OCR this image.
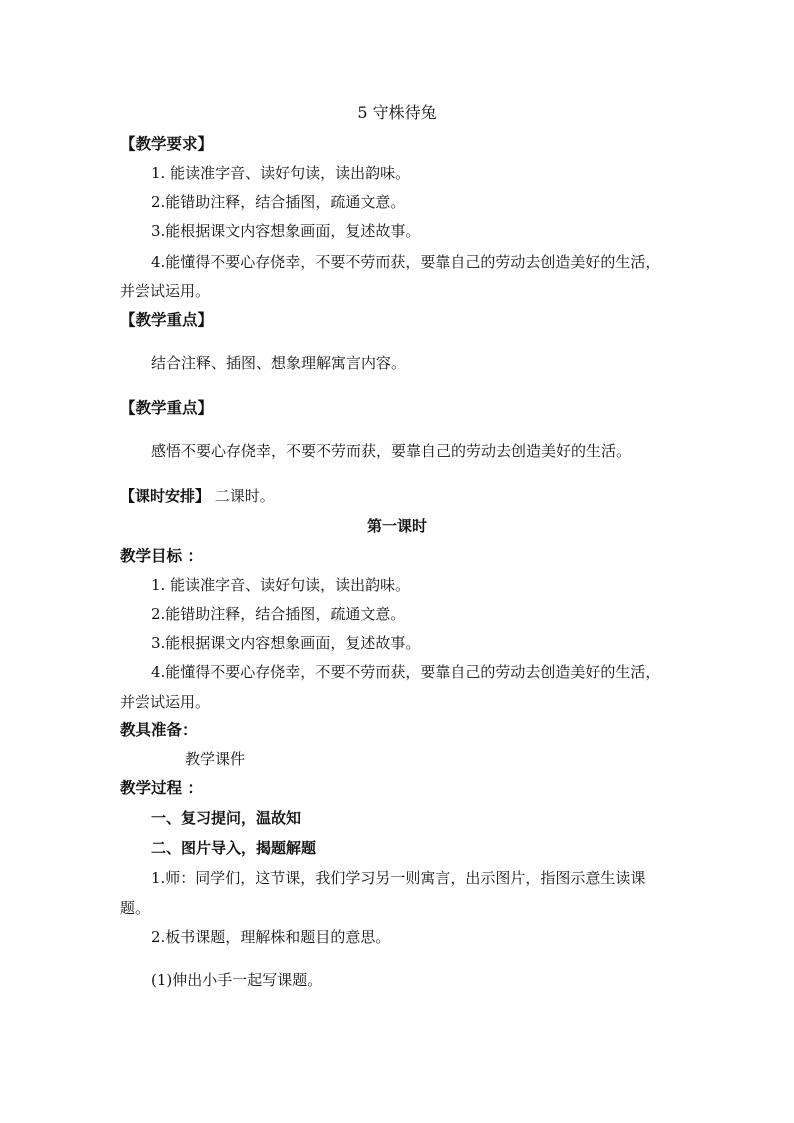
5 守株待兔
【教学要求】
1. 能读准字音、读好句读，读出韵味。
2.能错助注释，结合插图，疏通文意。
3.能根据课文内容想象画面，复述故事。
4.能懂得不要心存侥幸，不要不劳而获，要靠自己的劳动去创造美好的生活，
并尝试运用。
【教学重点】
结合注释、插图、想象理解寓言内容。
【教学重点】
感悟不要心存侥幸，不要不劳而获，要靠自己的劳动去创造美好的生活。
【课时安排】 二课时。
第一课时
教学目标 ：
1. 能读准字音、读好句读，读出韵味。
2.能错助注释，结合插图，疏通文意。
3.能根据课文内容想象画面，复述故事。
4.能懂得不要心存侥幸，不要不劳而获，要靠自己的劳动去创造美好的生活，
并尝试运用。
教具准备：
教学课件
教学过程 ：
一、复习提问，温故知
二、图片导入，揭题解题
1.师：同学们，这节课，我们学习另一则寓言，出示图片，指图示意生读课
题。
2.板书课题，理解株和题目的意思。
(1)伸出小手一起写课题。
